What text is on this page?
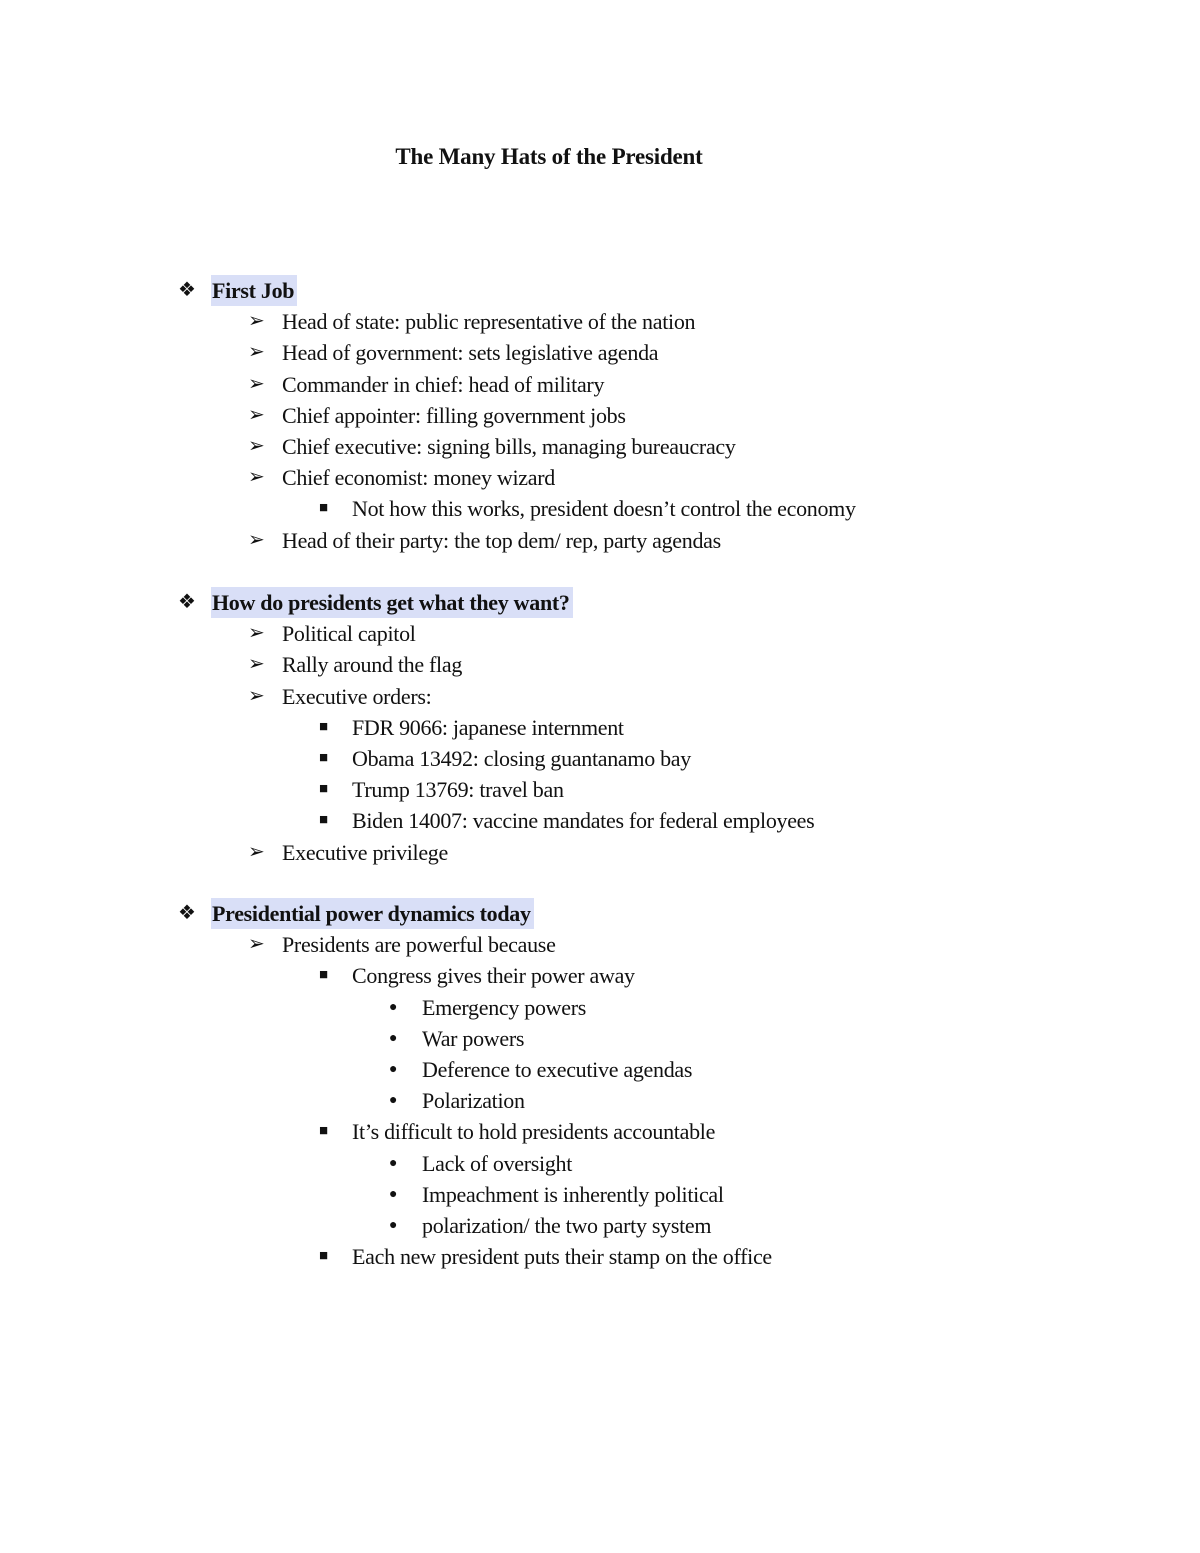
The Many Hats of the President
❖ First Job
➢ Head of state: public representative of the nation
➢ Head of government: sets legislative agenda
➢ Commander in chief: head of military
➢ Chief appointer: filling government jobs
➢ Chief executive: signing bills, managing bureaucracy
➢ Chief economist: money wizard
■ Not how this works, president doesn’t control the economy
➢ Head of their party: the top dem/ rep, party agendas
❖ How do presidents get what they want?
➢ Political capitol
➢ Rally around the flag
➢ Executive orders:
■ FDR 9066: japanese internment
■ Obama 13492: closing guantanamo bay
■ Trump 13769: travel ban
■ Biden 14007: vaccine mandates for federal employees
➢ Executive privilege
❖ Presidential power dynamics today
➢ Presidents are powerful because
■ Congress gives their power away
● Emergency powers
● War powers
● Deference to executive agendas
● Polarization
■ It’s difficult to hold presidents accountable
● Lack of oversight
● Impeachment is inherently political
● polarization/ the two party system
■ Each new president puts their stamp on the office
